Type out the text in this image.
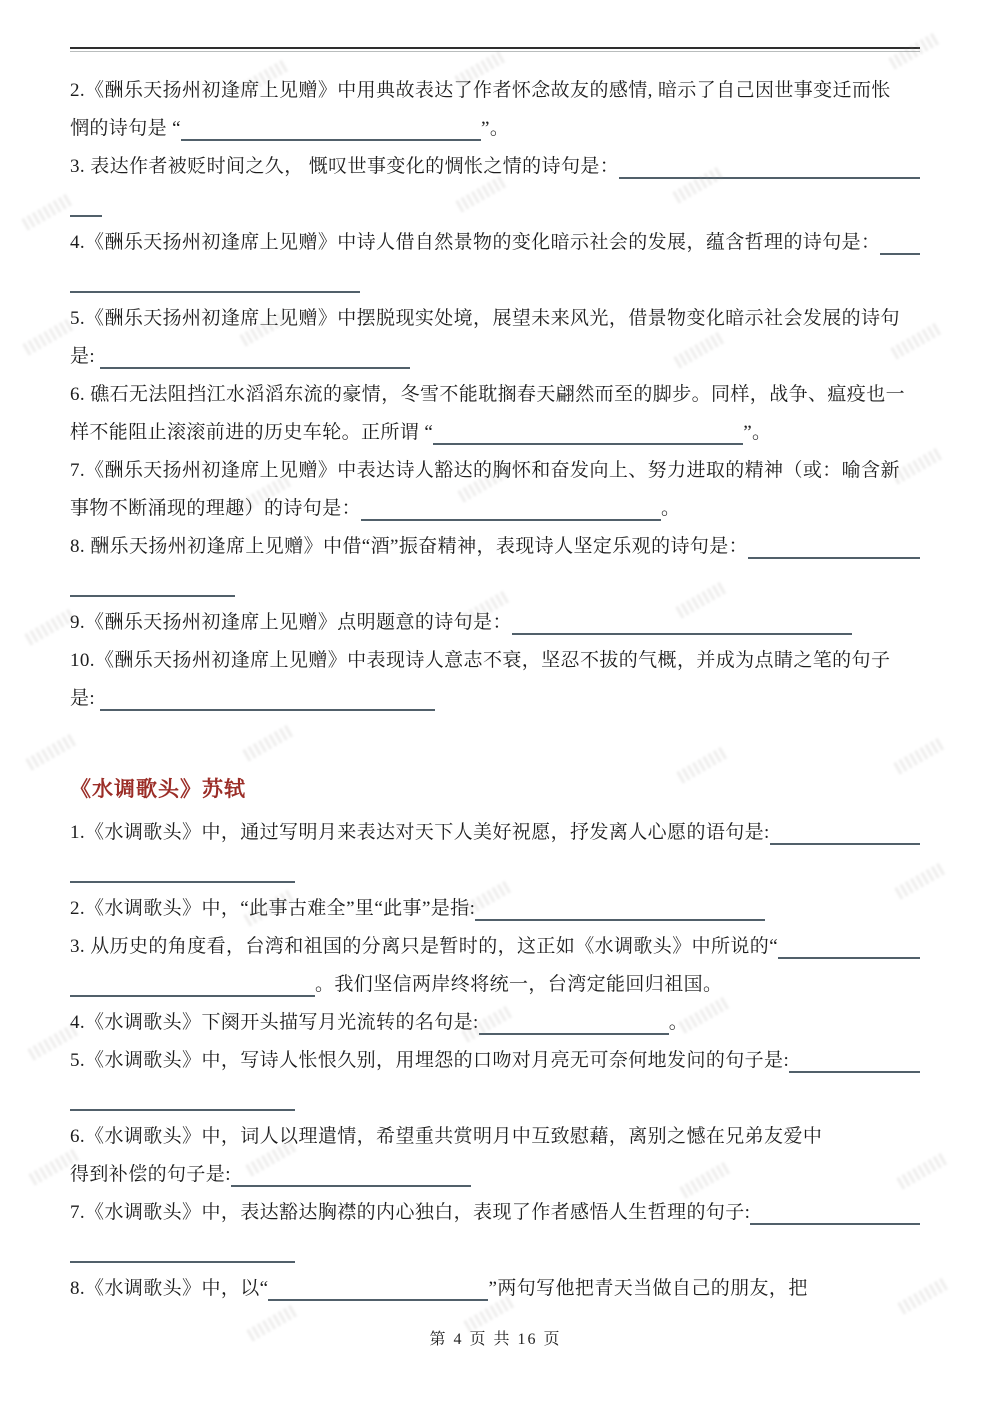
2.《酬乐天扬州初逢席上见赠》中用典故表达了作者怀念故友的感情, 暗示了自己因世事变迁而怅
惘的诗句是 “	”。
3. 表达作者被贬时间之久， 慨叹世事变化的惆怅之情的诗句是：
4.《酬乐天扬州初逢席上见赠》中诗人借自然景物的变化暗示社会的发展，蕴含哲理的诗句是：
5.《酬乐天扬州初逢席上见赠》中摆脱现实处境，展望未来风光，借景物变化暗示社会发展的诗句
是:
6. 礁石无法阻挡江水滔滔东流的豪情，冬雪不能耽搁春天翩然而至的脚步。同样，战争、瘟疫也一
样不能阻止滚滚前进的历史车轮。正所谓 “	”。
7.《酬乐天扬州初逢席上见赠》中表达诗人豁达的胸怀和奋发向上、努力进取的精神（或：喻含新
事物不断涌现的理趣）的诗句是：	。
8. 酬乐天扬州初逢席上见赠》中借“酒”振奋精神，表现诗人坚定乐观的诗句是：
9.《酬乐天扬州初逢席上见赠》点明题意的诗句是：
10.《酬乐天扬州初逢席上见赠》中表现诗人意志不衰，坚忍不拔的气概，并成为点睛之笔的句子
是:
《水调歌头》苏轼
1.《水调歌头》中，通过写明月来表达对天下人美好祝愿，抒发离人心愿的语句是:
2.《水调歌头》中，“此事古难全”里“此事”是指:
3. 从历史的角度看，台湾和祖国的分离只是暂时的，这正如《水调歌头》中所说的“
。我们坚信两岸终将统一，台湾定能回归祖国。
4.《水调歌头》下阕开头描写月光流转的名句是:	。
5.《水调歌头》中，写诗人怅恨久别，用埋怨的口吻对月亮无可奈何地发问的句子是:
6.《水调歌头》中，词人以理遣情，希望重共赏明月中互致慰藉，离别之憾在兄弟友爱中
得到补偿的句子是:
7.《水调歌头》中，表达豁达胸襟的内心独白，表现了作者感悟人生哲理的句子:
8.《水调歌头》中，以“	”两句写他把青天当做自己的朋友，把
第 4 页 共 16 页
